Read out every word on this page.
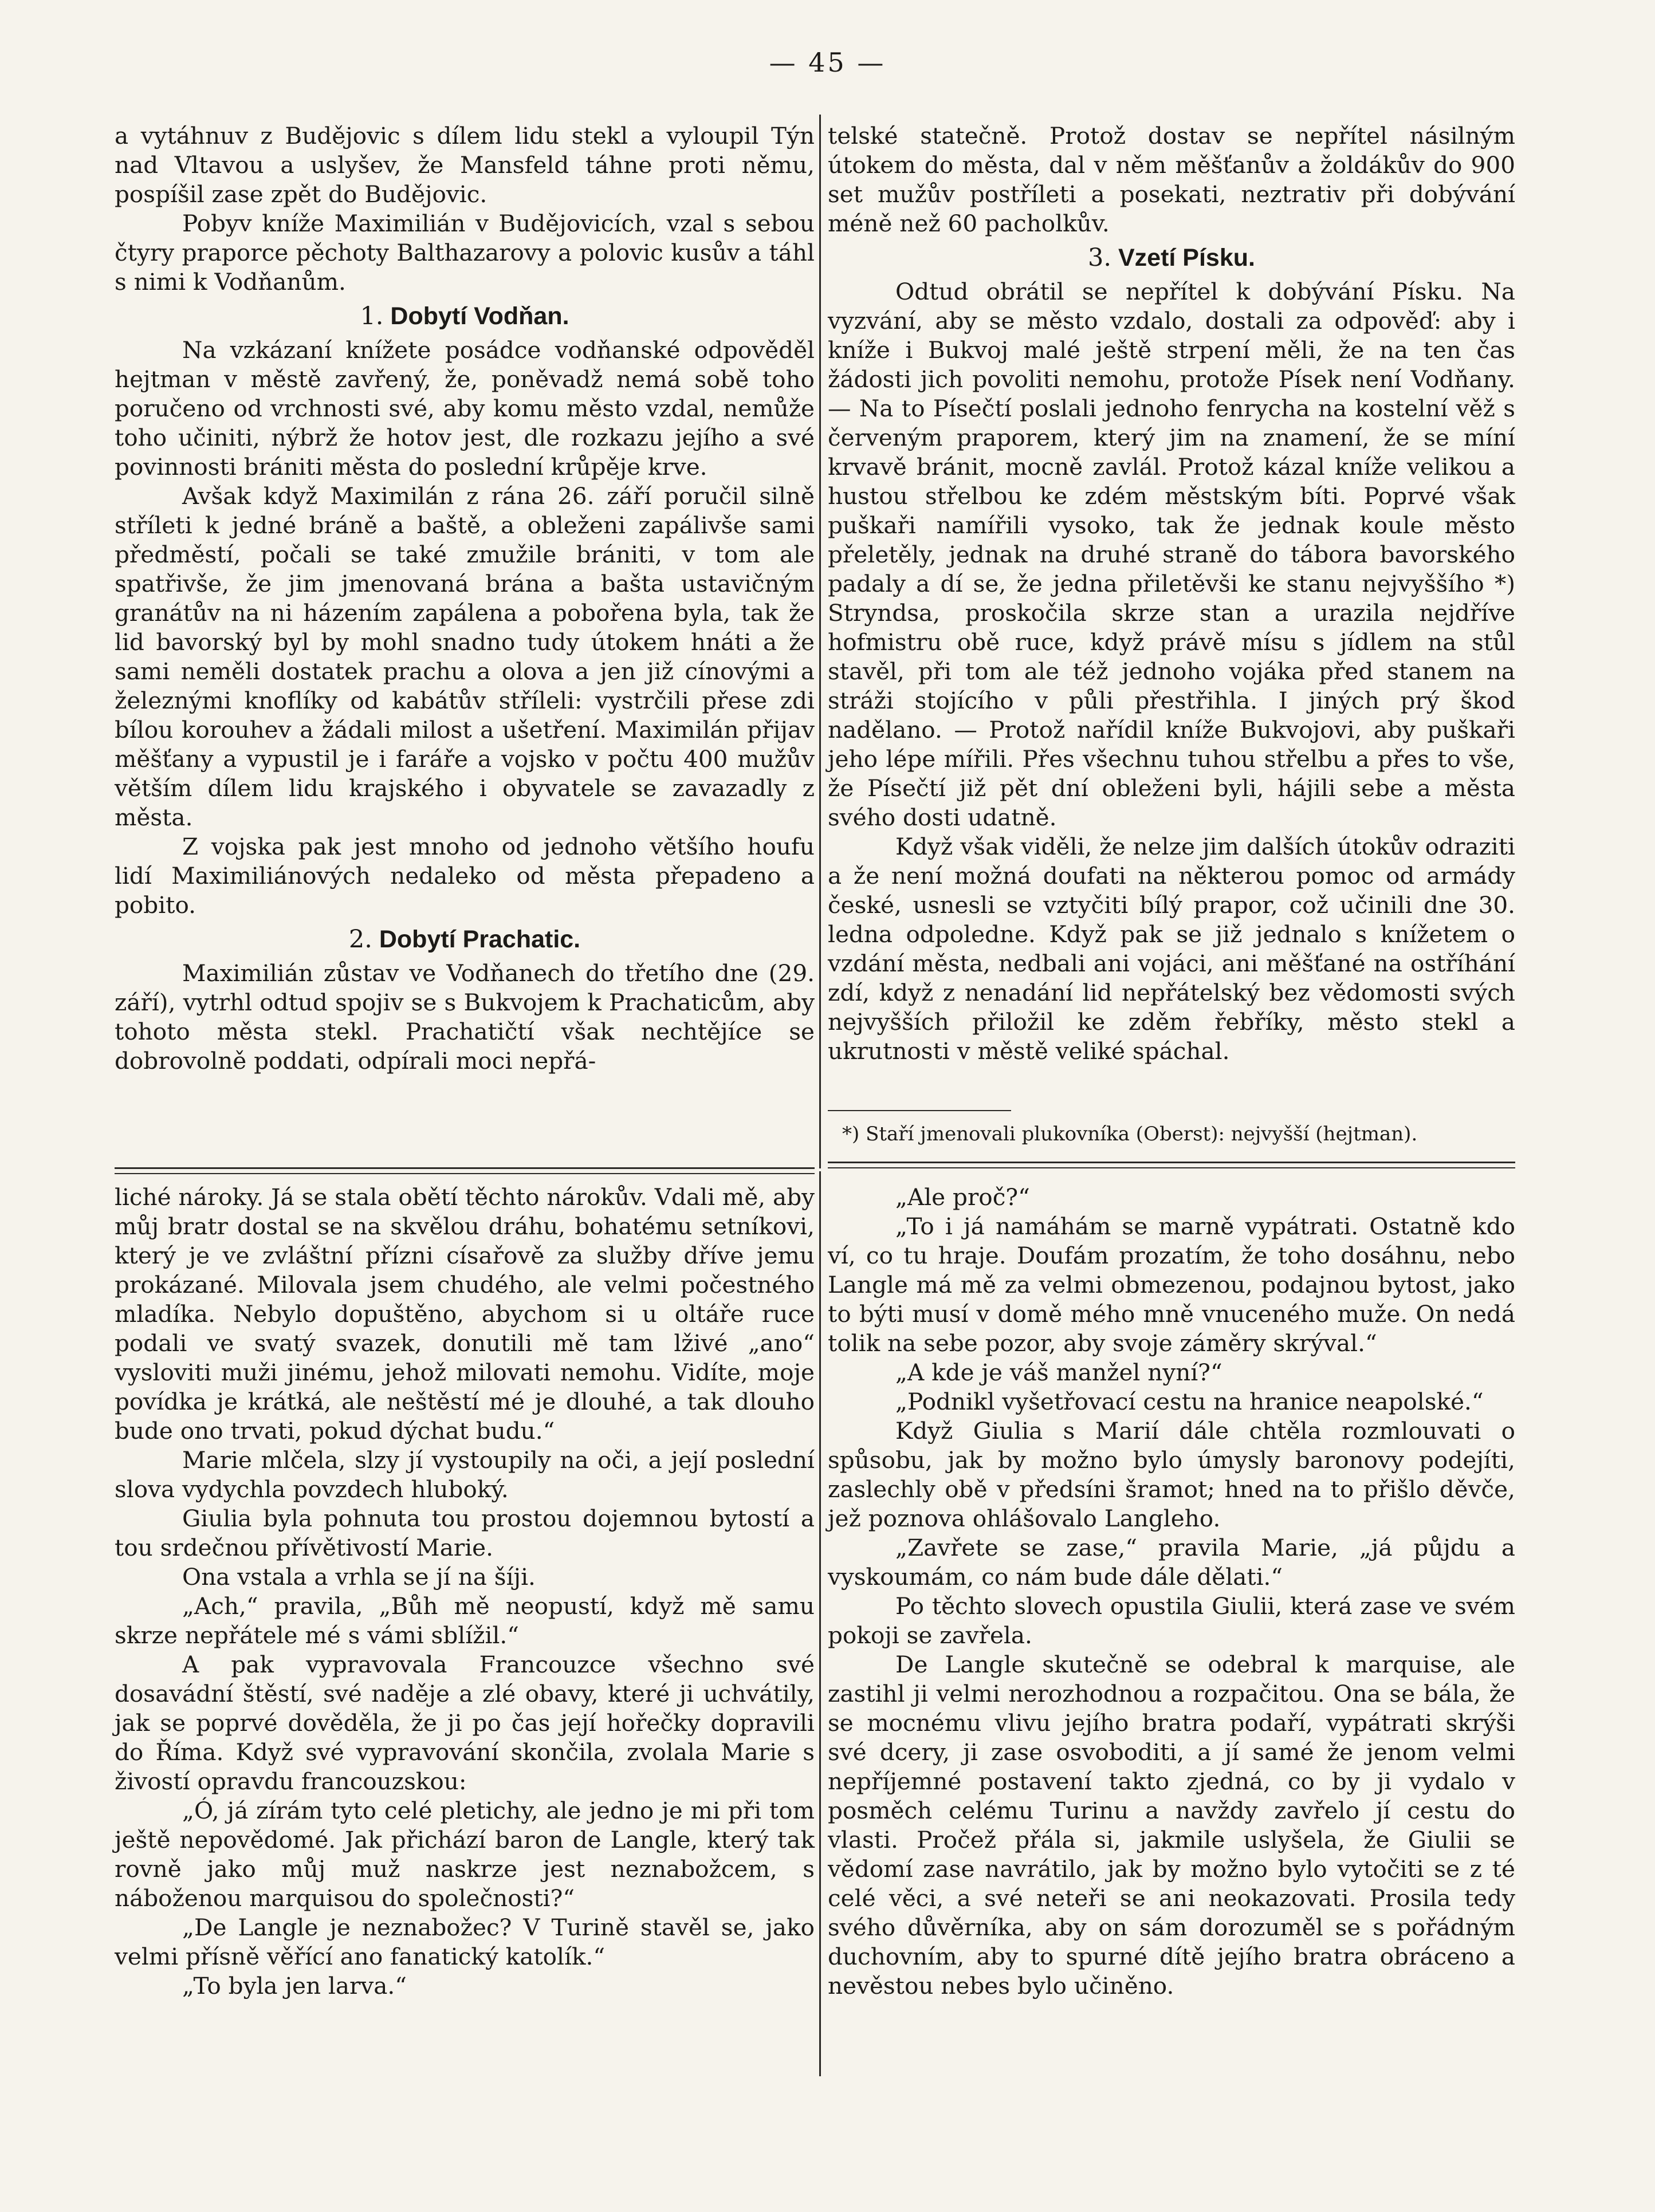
— 45 —

a vytáhnuv z Budějovic s dílem lidu stekl a vyloupil Týn nad Vltavou a uslyšev, že Mansfeld táhne proti němu, pospíšil zase zpět do Budějovic.

Pobyv kníže Maximilián v Budějovicích, vzal s sebou čtyry praporce pěchoty Balthazarovy a polovic kusův a táhl s nimi k Vodňanům.

1. Dobytí Vodňan.

Na vzkázaní knížete posádce vodňanské odpověděl hejtman v městě zavřený, že, poněvadž nemá sobě toho poručeno od vrchnosti své, aby komu město vzdal, nemůže toho učiniti, nýbrž že hotov jest, dle rozkazu jejího a své povinnosti brániti města do poslední krůpěje krve.

Avšak když Maximilán z rána 26. září poručil silně stříleti k jedné bráně a baště, a obleženi zapálivše sami předměstí, počali se také zmužile brániti, v tom ale spatřivše, že jim jmenovaná brána a bašta ustavičným granátův na ni házením zapálena a pobořena byla, tak že lid bavorský byl by mohl snadno tudy útokem hnáti a že sami neměli dostatek prachu a olova a jen již cínovými a železnými knoflíky od kabátův stříleli: vystrčili přese zdi bílou korouhev a žádali milost a ušetření. Maximilán přijav měšťany a vypustil je i faráře a vojsko v počtu 400 mužův větším dílem lidu krajského i obyvatele se zavazadly z města.

Z vojska pak jest mnoho od jednoho většího houfu lidí Maximiliánových nedaleko od města přepadeno a pobito.

2. Dobytí Prachatic.

Maximilián zůstav ve Vodňanech do třetího dne (29. září), vytrhl odtud spojiv se s Bukvojem k Prachaticům, aby tohoto města stekl. Prachatičtí však nechtějíce se dobrovolně poddati, odpírali moci nepřá-

telské statečně. Protož dostav se nepřítel násilným útokem do města, dal v něm měšťanův a žoldákův do 900 set mužův postříleti a posekati, neztrativ při dobývání méně než 60 pacholkův.

3. Vzetí Písku.

Odtud obrátil se nepřítel k dobývání Písku. Na vyzvání, aby se město vzdalo, dostali za odpověď: aby i kníže i Bukvoj malé ještě strpení měli, že na ten čas žádosti jich povoliti nemohu, protože Písek není Vodňany. — Na to Písečtí poslali jednoho fenrycha na kostelní věž s červeným praporem, který jim na znamení, že se míní krvavě bránit, mocně zavlál. Protož kázal kníže velikou a hustou střelbou ke zdém městským bíti. Poprvé však puškaři namířili vysoko, tak že jednak koule město přeletěly, jednak na druhé straně do tábora bavorského padaly a dí se, že jedna přiletěvši ke stanu nejvyššího *) Stryndsa, proskočila skrze stan a urazila nejdříve hofmistru obě ruce, když právě mísu s jídlem na stůl stavěl, při tom ale též jednoho vojáka před stanem na stráži stojícího v půli přestřihla. I jiných prý škod nadělano. — Protož nařídil kníže Bukvojovi, aby puškaři jeho lépe mířili. Přes všechnu tuhou střelbu a přes to vše, že Písečtí již pět dní obleženi byli, hájili sebe a města svého dosti udatně.

Když však viděli, že nelze jim dalších útokův odraziti a že není možná doufati na některou pomoc od armády české, usnesli se vztyčiti bílý prapor, což učinili dne 30. ledna odpoledne. Když pak se již jednalo s knížetem o vzdání města, nedbali ani vojáci, ani měšťané na ostříhání zdí, když z nenadání lid nepřátelský bez vědomosti svých nejvyšších přiložil ke zděm řebříky, město stekl a ukrutnosti v městě veliké spáchal.

*) Staří jmenovali plukovníka (Oberst): nejvyšší (hejtman).

liché nároky. Já se stala obětí těchto nárokův. Vdali mě, aby můj bratr dostal se na skvělou dráhu, bohatému setníkovi, který je ve zvláštní přízni císařově za služby dříve jemu prokázané. Milovala jsem chudého, ale velmi počestného mladíka. Nebylo dopuštěno, abychom si u oltáře ruce podali ve svatý svazek, donutili mě tam lživé „ano“ vysloviti muži jinému, jehož milovati nemohu. Vidíte, moje povídka je krátká, ale neštěstí mé je dlouhé, a tak dlouho bude ono trvati, pokud dýchat budu.“

Marie mlčela, slzy jí vystoupily na oči, a její poslední slova vydychla povzdech hluboký.

Giulia byla pohnuta tou prostou dojemnou bytostí a tou srdečnou přívětivostí Marie.

Ona vstala a vrhla se jí na šíji.

„Ach,“ pravila, „Bůh mě neopustí, když mě samu skrze nepřátele mé s vámi sblížil.“

A pak vypravovala Francouzce všechno své dosavádní štěstí, své naděje a zlé obavy, které ji uchvátily, jak se poprvé dověděla, že ji po čas její hořečky dopravili do Říma. Když své vypravování skončila, zvolala Marie s živostí opravdu francouzskou:

„Ó, já zírám tyto celé pletichy, ale jedno je mi při tom ještě nepovědomé. Jak přichází baron de Langle, který tak rovně jako můj muž naskrze jest neznabožcem, s náboženou marquisou do společnosti?“

„De Langle je neznabožec? V Turině stavěl se, jako velmi přísně věřící ano fanatický katolík.“

„To byla jen larva.“

„Ale proč?“

„To i já namáhám se marně vypátrati. Ostatně kdo ví, co tu hraje. Doufám prozatím, že toho dosáhnu, nebo Langle má mě za velmi obmezenou, podajnou bytost, jako to býti musí v domě mého mně vnuceného muže. On nedá tolik na sebe pozor, aby svoje záměry skrýval.“

„A kde je váš manžel nyní?“

„Podnikl vyšetřovací cestu na hranice neapolské.“

Když Giulia s Marií dále chtěla rozmlouvati o spůsobu, jak by možno bylo úmysly baronovy podejíti, zaslechly obě v předsíni šramot; hned na to přišlo děvče, jež poznova ohlášovalo Langleho.

„Zavřete se zase,“ pravila Marie, „já půjdu a vyskoumám, co nám bude dále dělati.“

Po těchto slovech opustila Giulii, která zase ve svém pokoji se zavřela.

De Langle skutečně se odebral k marquise, ale zastihl ji velmi nerozhodnou a rozpačitou. Ona se bála, že se mocnému vlivu jejího bratra podaří, vypátrati skrýši své dcery, ji zase osvoboditi, a jí samé že jenom velmi nepříjemné postavení takto zjedná, co by ji vydalo v posměch celému Turinu a navždy zavřelo jí cestu do vlasti. Pročež přála si, jakmile uslyšela, že Giulii se vědomí zase navrátilo, jak by možno bylo vytočiti se z té celé věci, a své neteři se ani neokazovati. Prosila tedy svého důvěrníka, aby on sám dorozuměl se s pořádným duchovním, aby to spurné dítě jejího bratra obráceno a nevěstou nebes bylo učiněno.
